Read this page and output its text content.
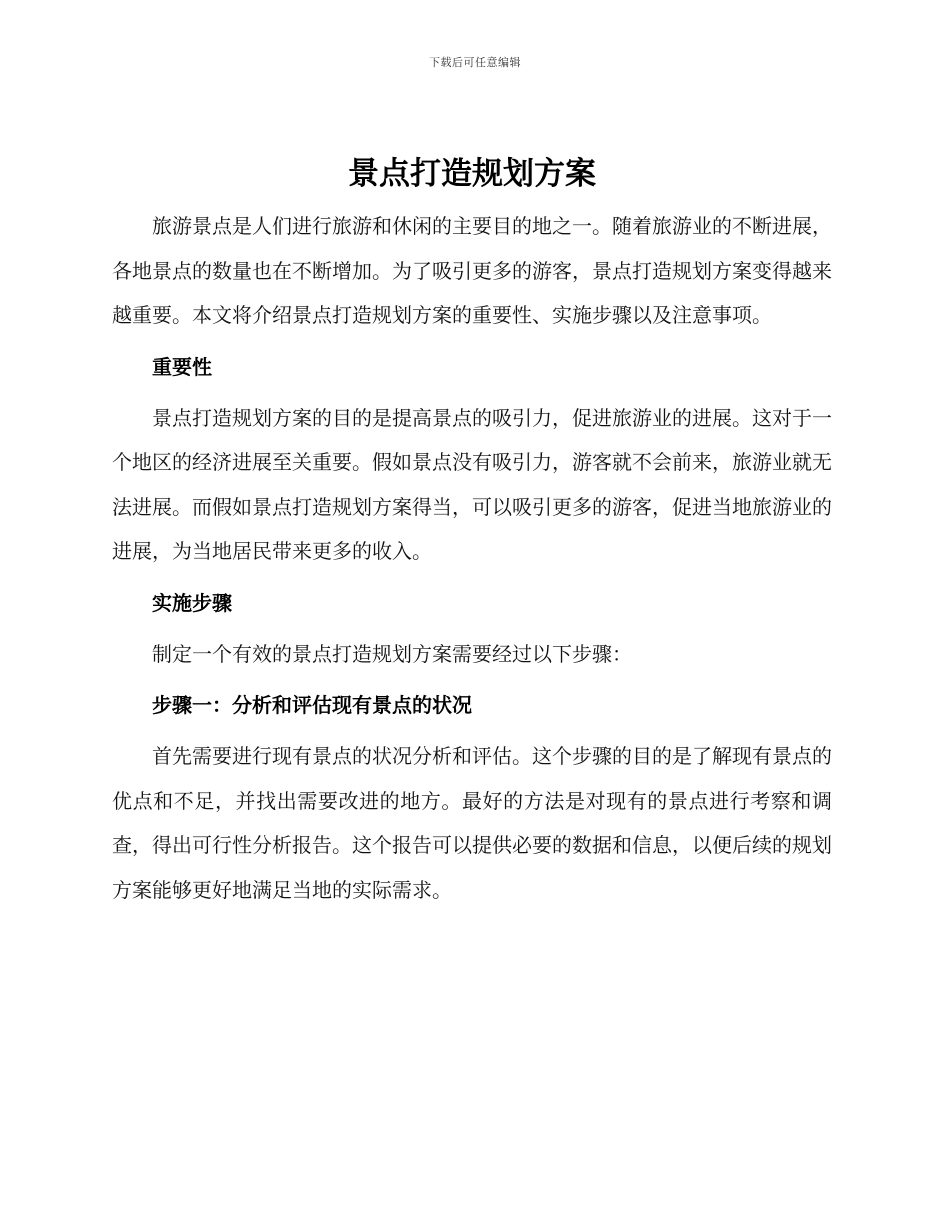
下载后可任意编辑
景点打造规划方案

旅游景点是人们进行旅游和休闲的主要目的地之一。随着旅游业的不断进展，各地景点的数量也在不断增加。为了吸引更多的游客，景点打造规划方案变得越来越重要。本文将介绍景点打造规划方案的重要性、实施步骤以及注意事项。

重要性

景点打造规划方案的目的是提高景点的吸引力，促进旅游业的进展。这对于一个地区的经济进展至关重要。假如景点没有吸引力，游客就不会前来，旅游业就无法进展。而假如景点打造规划方案得当，可以吸引更多的游客，促进当地旅游业的进展，为当地居民带来更多的收入。

实施步骤

制定一个有效的景点打造规划方案需要经过以下步骤：

步骤一：分析和评估现有景点的状况

首先需要进行现有景点的状况分析和评估。这个步骤的目的是了解现有景点的优点和不足，并找出需要改进的地方。最好的方法是对现有的景点进行考察和调查，得出可行性分析报告。这个报告可以提供必要的数据和信息，以便后续的规划方案能够更好地满足当地的实际需求。
